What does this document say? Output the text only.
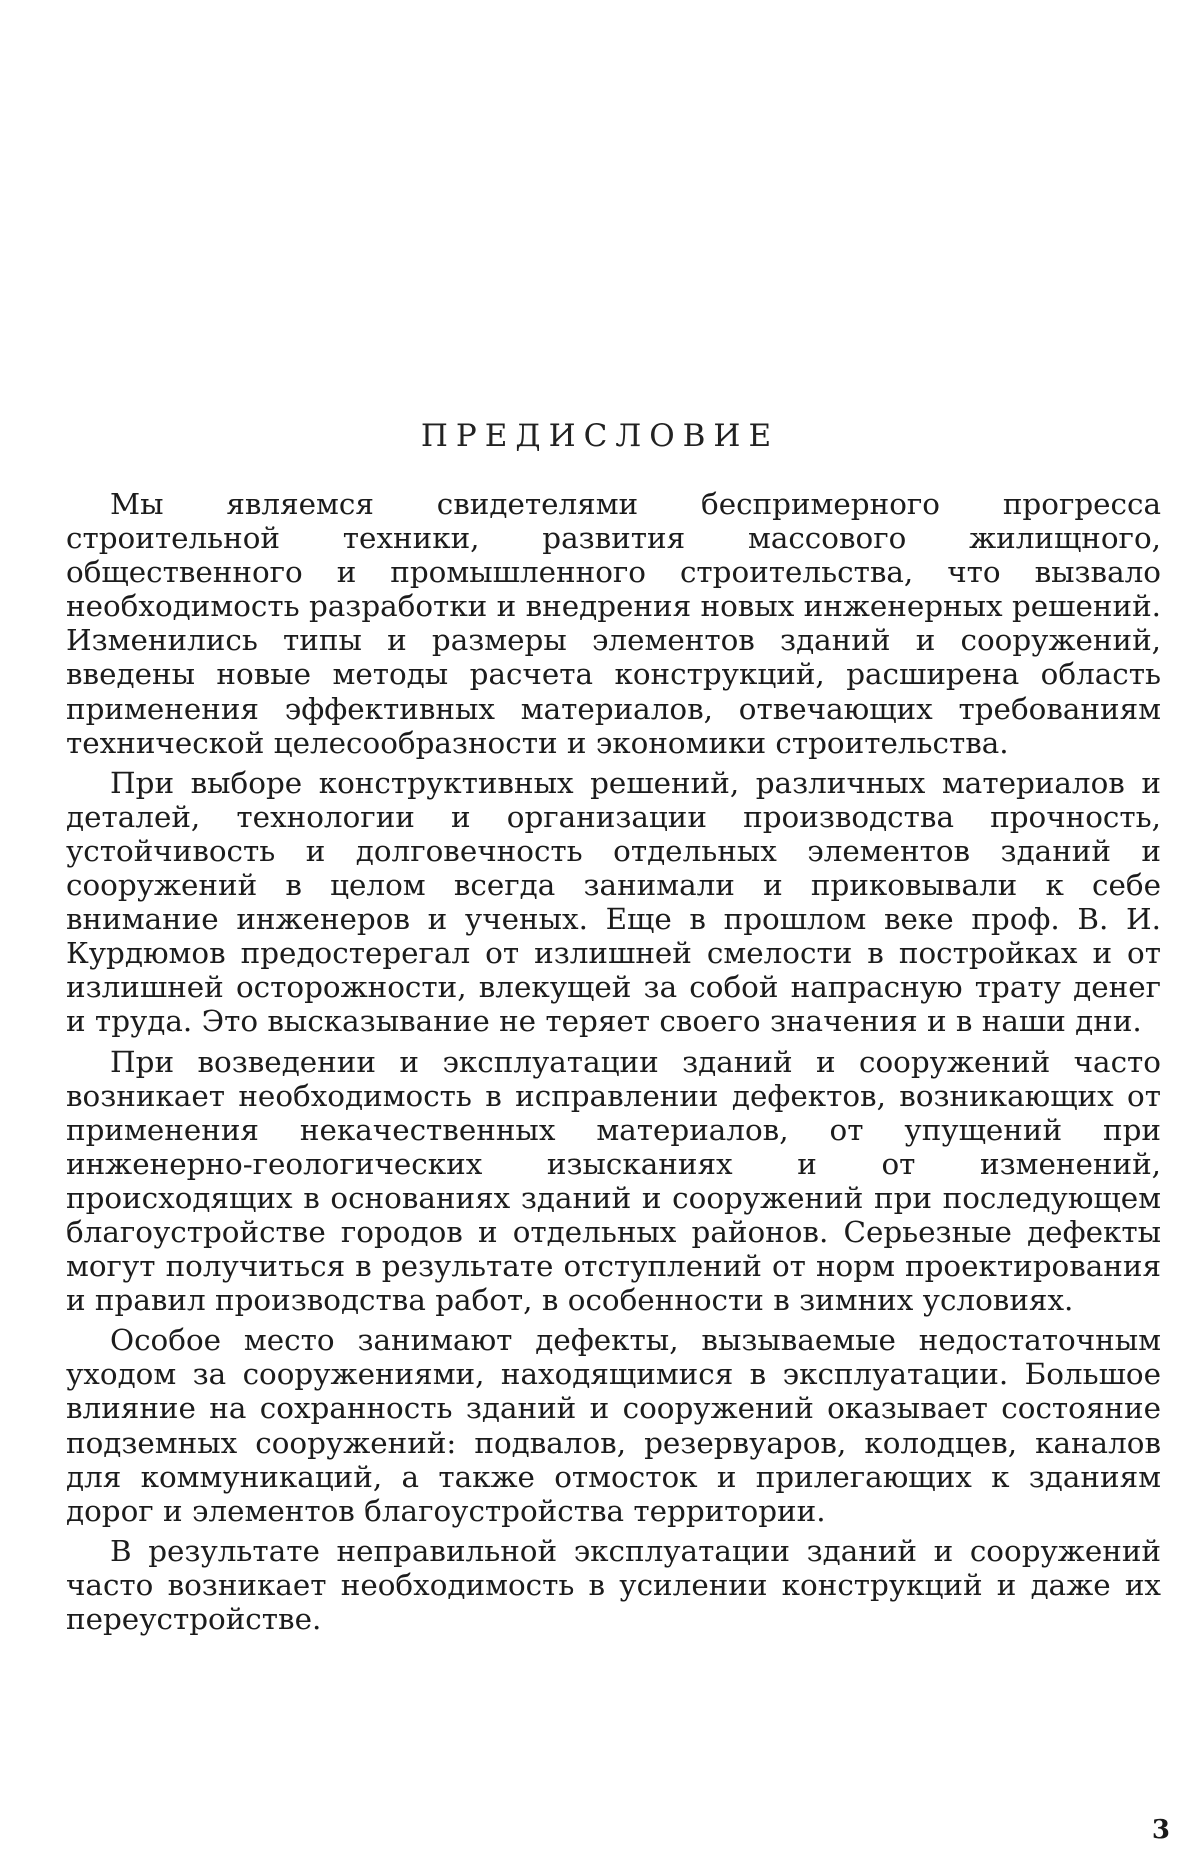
ПРЕДИСЛОВИЕ

Мы являемся свидетелями беспримерного прогресса строительной техники, развития массового жилищного, общественного и промышленного строительства, что вызвало необходимость разработки и внедрения новых инженерных решений. Изменились типы и размеры элементов зданий и сооружений, введены новые методы расчета конструкций, расширена область применения эффективных материалов, отвечающих требованиям технической целесообразности и экономики строительства.

При выборе конструктивных решений, различных материалов и деталей, технологии и организации производства прочность, устойчивость и долговечность отдельных элементов зданий и сооружений в целом всегда занимали и приковывали к себе внимание инженеров и ученых. Еще в прошлом веке проф. В. И. Курдюмов предостерегал от излишней смелости в постройках и от излишней осторожности, влекущей за собой напрасную трату денег и труда. Это высказывание не теряет своего значения и в наши дни.

При возведении и эксплуатации зданий и сооружений часто возникает необходимость в исправлении дефектов, возникающих от применения некачественных материалов, от упущений при инженерно-геологических изысканиях и от изменений, происходящих в основаниях зданий и сооружений при последующем благоустройстве городов и отдельных районов. Серьезные дефекты могут получиться в результате отступлений от норм проектирования и правил производства работ, в особенности в зимних условиях.

Особое место занимают дефекты, вызываемые недостаточным уходом за сооружениями, находящимися в эксплуатации. Большое влияние на сохранность зданий и сооружений оказывает состояние подземных сооружений: подвалов, резервуаров, колодцев, каналов для коммуникаций, а также отмосток и прилегающих к зданиям дорог и элементов благоустройства территории.

В результате неправильной эксплуатации зданий и сооружений часто возникает необходимость в усилении конструкций и даже их переустройстве.

3
